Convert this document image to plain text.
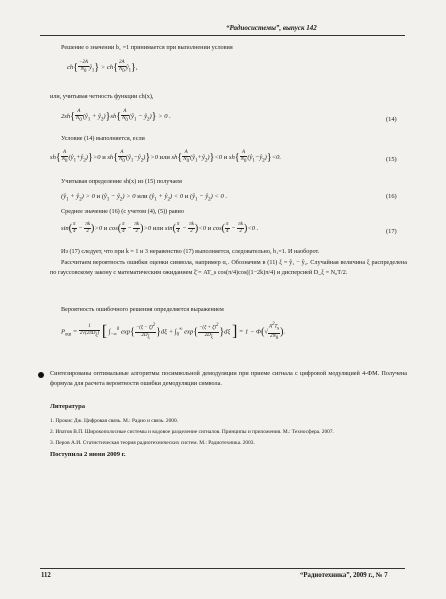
“Радиосистемы”, выпуск 142
Решение о значении b₁ =1 принимается при выполнении условия
$ch\{ \frac{-2A}{N0}$ $ŷ_1\} > ch\{ \frac{2A}{N0}$ $ŷ_1$},
или, учитывая четность функции ch(x),
$2sh\{ \frac{A}{N0}$ ($ŷ_1$ + $ŷ_2)\}sh\{ \frac{A}{N0}$ ($ŷ_1$ − $ŷ_2)\} > 0$ .	(14)
Условие (14) выполняется, если
$sh\{ \frac{A}{N0}$ $(ŷ_1+ŷ_2)\}>0$ и $sh\{ \frac{A}{N0}$ $(ŷ_1-ŷ_2)\}>0$ или $sh\{ \frac{A}{N0}$ $(ŷ_1+ŷ_2)\}<0$ и $sh\{ \frac{A}{N0}$ $(ŷ_1-ŷ_2)\}<0$.	(15)
Учитывая определение sh(x) из (15) получаем
($ŷ_1$ + $ŷ_2) > 0$ и ($ŷ_1$ − $ŷ_2) > 0$ или ($ŷ_1$ + $ŷ_2) < 0$ и ($ŷ_1$ − $ŷ_2) < 0$ .	(16)
Среднее значение (16) (с учетом (4), (5)) равно
$\sin( \frac{\pi}{4} - \frac{\pi k}{2} )>0$ и $\cos( \frac{\pi}{4} - \frac{\pi k}{2} )>0$ или $\sin( \frac{\pi}{4} - \frac{\pi k}{2} )<0$ и $\cos( \frac{\pi}{4} - \frac{\pi k}{2} )<0$ .	(17)
Из (17) следует, что при k = 1 и 3 неравенство (17) выполняется, следовательно, b₁=1. И наоборот.
Рассчитаем вероятность ошибки оценки символа, например α₁. Обозначим в (11) ξ = ŷ₁ − ŷ₂. Случайная величина ξ распределена по гауссовскому закону с математическим ожиданием ξ̄ = AT_s cos(π/4)cos((1−2k)π/4) и дисперсией D_ξ = N₀T/2.
Вероятность ошибочного решения определяется выражением
$P_{ош} = \frac{1}{\text{2√(2πDξ)}}$ [ $\int_{-\infty}^0$ $\exp\{ \frac{-(\xi - \xī)2}{2D\xi} \}d\xi + \int_0^\infty$ $\exp\{ \frac{-(\xi + \xī)2}{2D\xi} \}d\xi$ ] = $1 - \Phi(√ \frac{A2Ts}{2N0}$ ).
Синтезированы оптимальные алгоритмы посимвольной демодуляции при приеме сигнала с цифровой модуляцией 4-ФМ. Получена формула для расчета вероятности ошибки демодуляции символа.
Литература
1. Прокис Дж. Цифровая связь. М.: Радио и связь. 2000.
2. Ипатов В.П. Широкополосные системы и кодовое разделение сигналов. Принципы и приложения. М.: Техносфера. 2007.
3. Перов А.И. Статистическая теория радиотехнических систем. М.: Радиотехника. 2003.
Поступила 2 июня 2009 г.
112	“Радиотехника”, 2009 г., № 7
